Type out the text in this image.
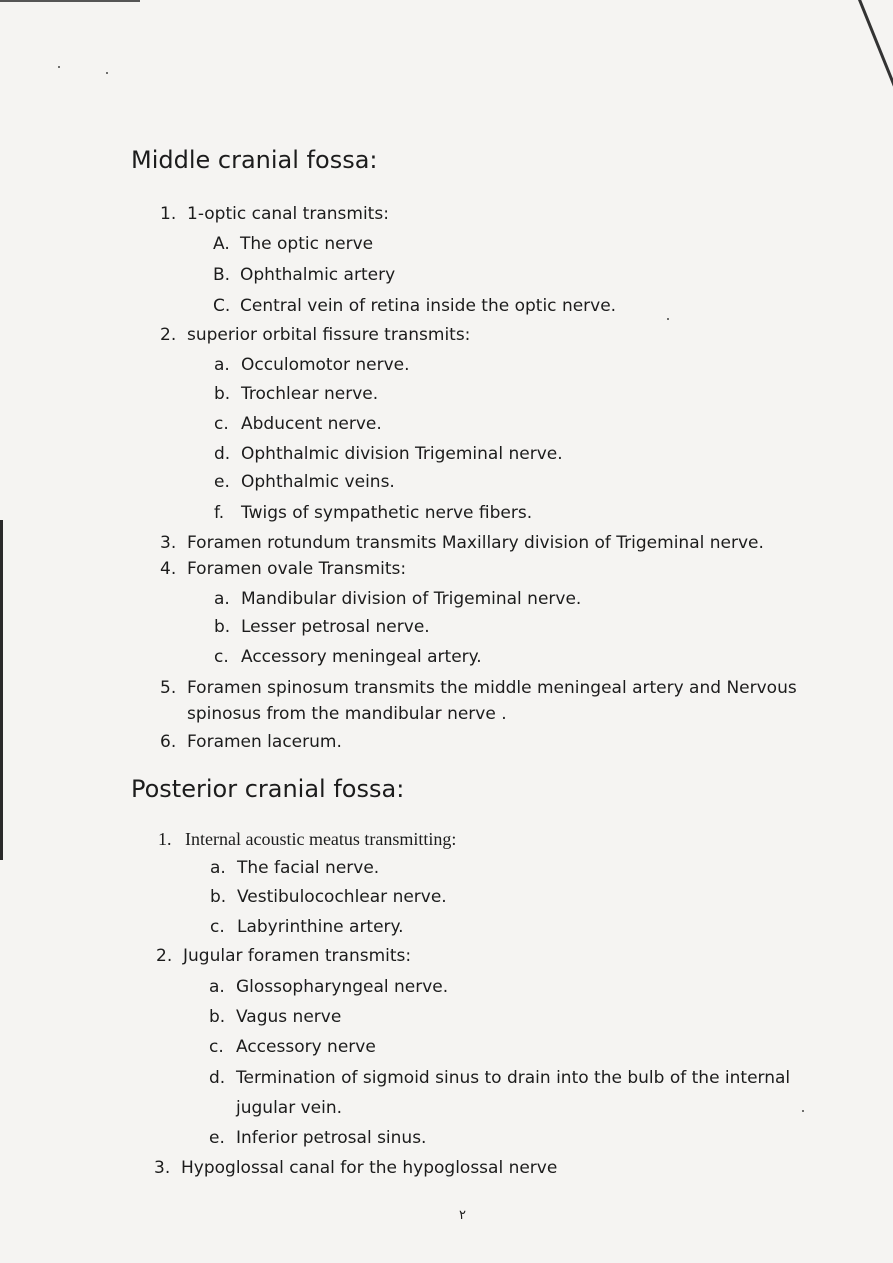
Middle cranial fossa:
1. 1-optic canal transmits:
A. The optic nerve
B. Ophthalmic artery
C. Central vein of retina inside the optic nerve.
2. superior orbital fissure transmits:
a. Occulomotor nerve.
b. Trochlear nerve.
c. Abducent nerve.
d. Ophthalmic division Trigeminal nerve.
e. Ophthalmic veins.
f. Twigs of sympathetic nerve fibers.
3. Foramen rotundum transmits Maxillary division of Trigeminal nerve.
4. Foramen ovale Transmits:
a. Mandibular division of Trigeminal nerve.
b. Lesser petrosal nerve.
c. Accessory meningeal artery.
5. Foramen spinosum transmits the middle meningeal artery and Nervous
spinosus from the mandibular nerve .
6. Foramen lacerum.
Posterior cranial fossa:
1. Internal acoustic meatus transmitting:
a. The facial nerve.
b. Vestibulocochlear nerve.
c. Labyrinthine artery.
2. Jugular foramen transmits:
a. Glossopharyngeal nerve.
b. Vagus nerve
c. Accessory nerve
d. Termination of sigmoid sinus to drain into the bulb of the internal
jugular vein.
e. Inferior petrosal sinus.
3. Hypoglossal canal for the hypoglossal nerve
٢
